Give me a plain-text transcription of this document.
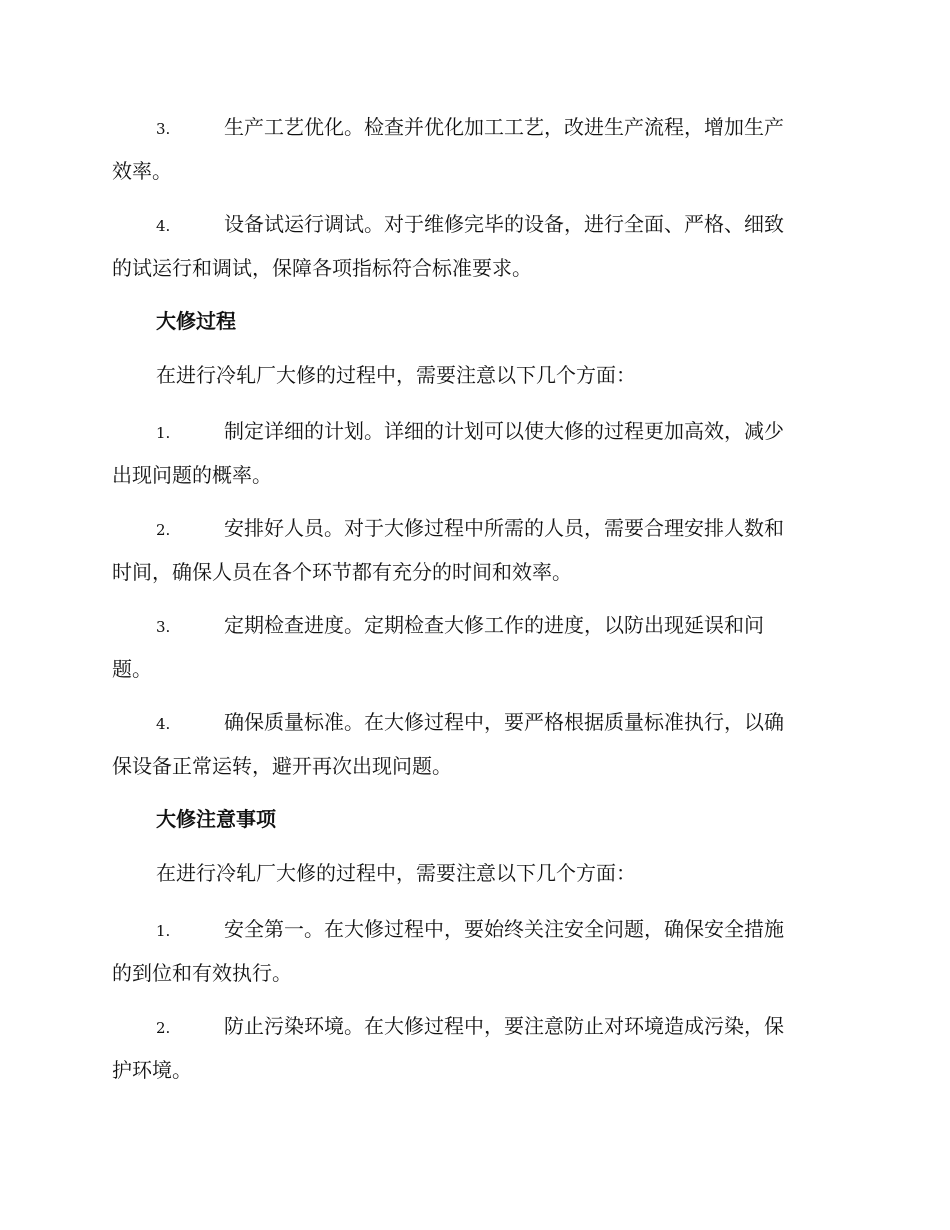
3.	生产工艺优化。检查并优化加工工艺，改进生产流程，增加生产
效率。
4.	设备试运行调试。对于维修完毕的设备，进行全面、严格、细致
的试运行和调试，保障各项指标符合标准要求。
大修过程
在进行冷轧厂大修的过程中，需要注意以下几个方面：
1.	制定详细的计划。详细的计划可以使大修的过程更加高效，减少
出现问题的概率。
2.	安排好人员。对于大修过程中所需的人员，需要合理安排人数和
时间，确保人员在各个环节都有充分的时间和效率。
3.	定期检查进度。定期检查大修工作的进度，以防出现延误和问
题。
4.	确保质量标准。在大修过程中，要严格根据质量标准执行，以确
保设备正常运转，避开再次出现问题。
大修注意事项
在进行冷轧厂大修的过程中，需要注意以下几个方面：
1.	安全第一。在大修过程中，要始终关注安全问题，确保安全措施
的到位和有效执行。
2.	防止污染环境。在大修过程中，要注意防止对环境造成污染，保
护环境。
